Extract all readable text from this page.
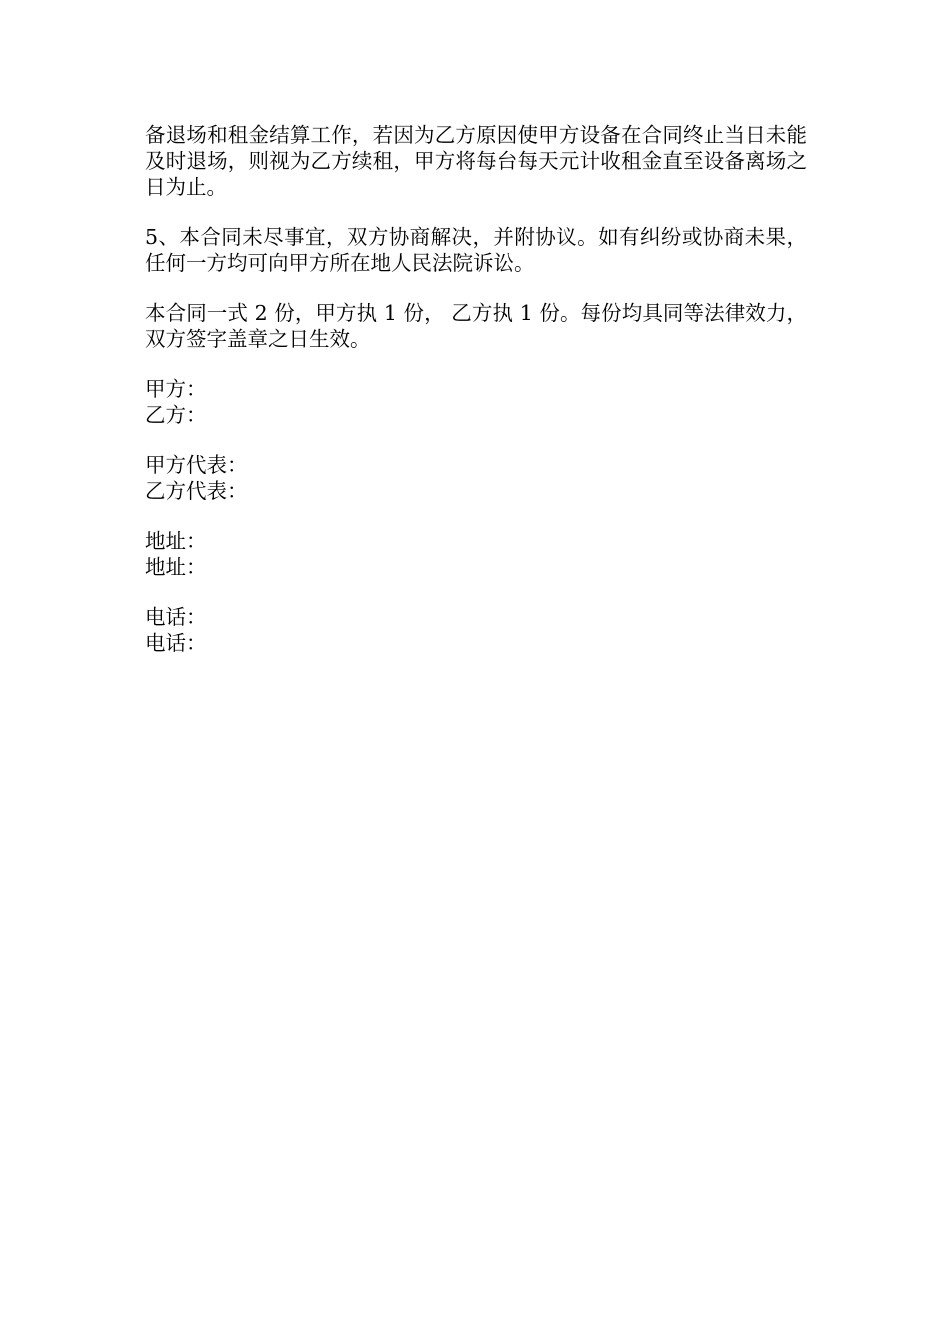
备退场和租金结算工作，若因为乙方原因使甲方设备在合同终止当日未能及时退场，则视为乙方续租，甲方将每台每天元计收租金直至设备离场之日为止。

5、本合同未尽事宜，双方协商解决，并附协议。如有纠纷或协商未果，任何一方均可向甲方所在地人民法院诉讼。

本合同一式 2 份，甲方执 1 份， 乙方执 1 份。每份均具同等法律效力，双方签字盖章之日生效。

甲方：
乙方：
甲方代表：
乙方代表：
地址：
地址：
电话：
电话：
